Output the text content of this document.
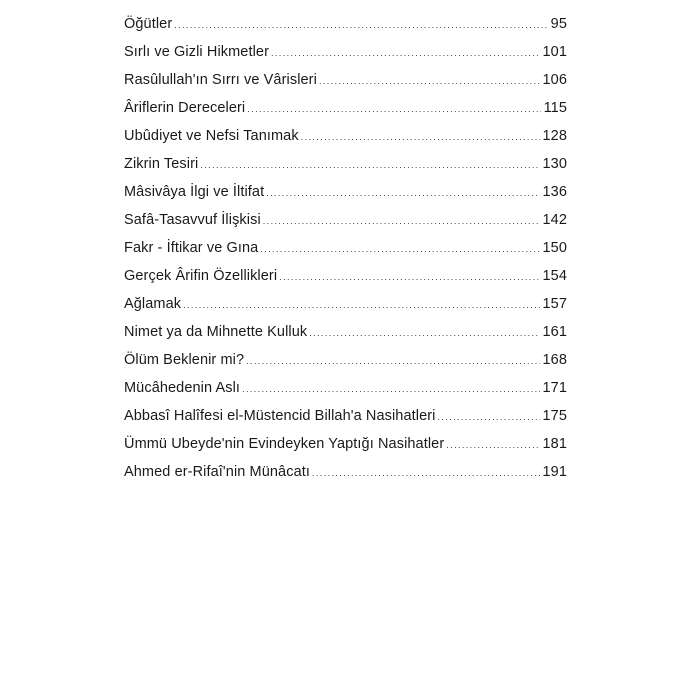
Öğütler .....	95
Sırlı ve Gizli Hikmetler .....	101
Rasûlullah'ın Sırrı ve Vârisleri .....	106
Âriflerin Dereceleri .....	115
Ubûdiyet ve Nefsi Tanımak .....	128
Zikrin Tesiri .....	130
Mâsivâya İlgi ve İltifat .....	136
Safâ-Tasavvuf İlişkisi .....	142
Fakr - İftikar ve Gına .....	150
Gerçek Ârifin Özellikleri .....	154
Ağlamak .....	157
Nimet ya da Mihnette Kulluk .....	161
Ölüm Beklenir mi? .....	168
Mücâhedenin Aslı .....	171
Abbasî Halîfesi el-Müstencid Billah'a Nasihatleri .....	175
Ümmü Ubeyde'nin Evindeyken Yaptığı Nasihatler .....	181
Ahmed er-Rifaî'nin Münâcatı .....	191
